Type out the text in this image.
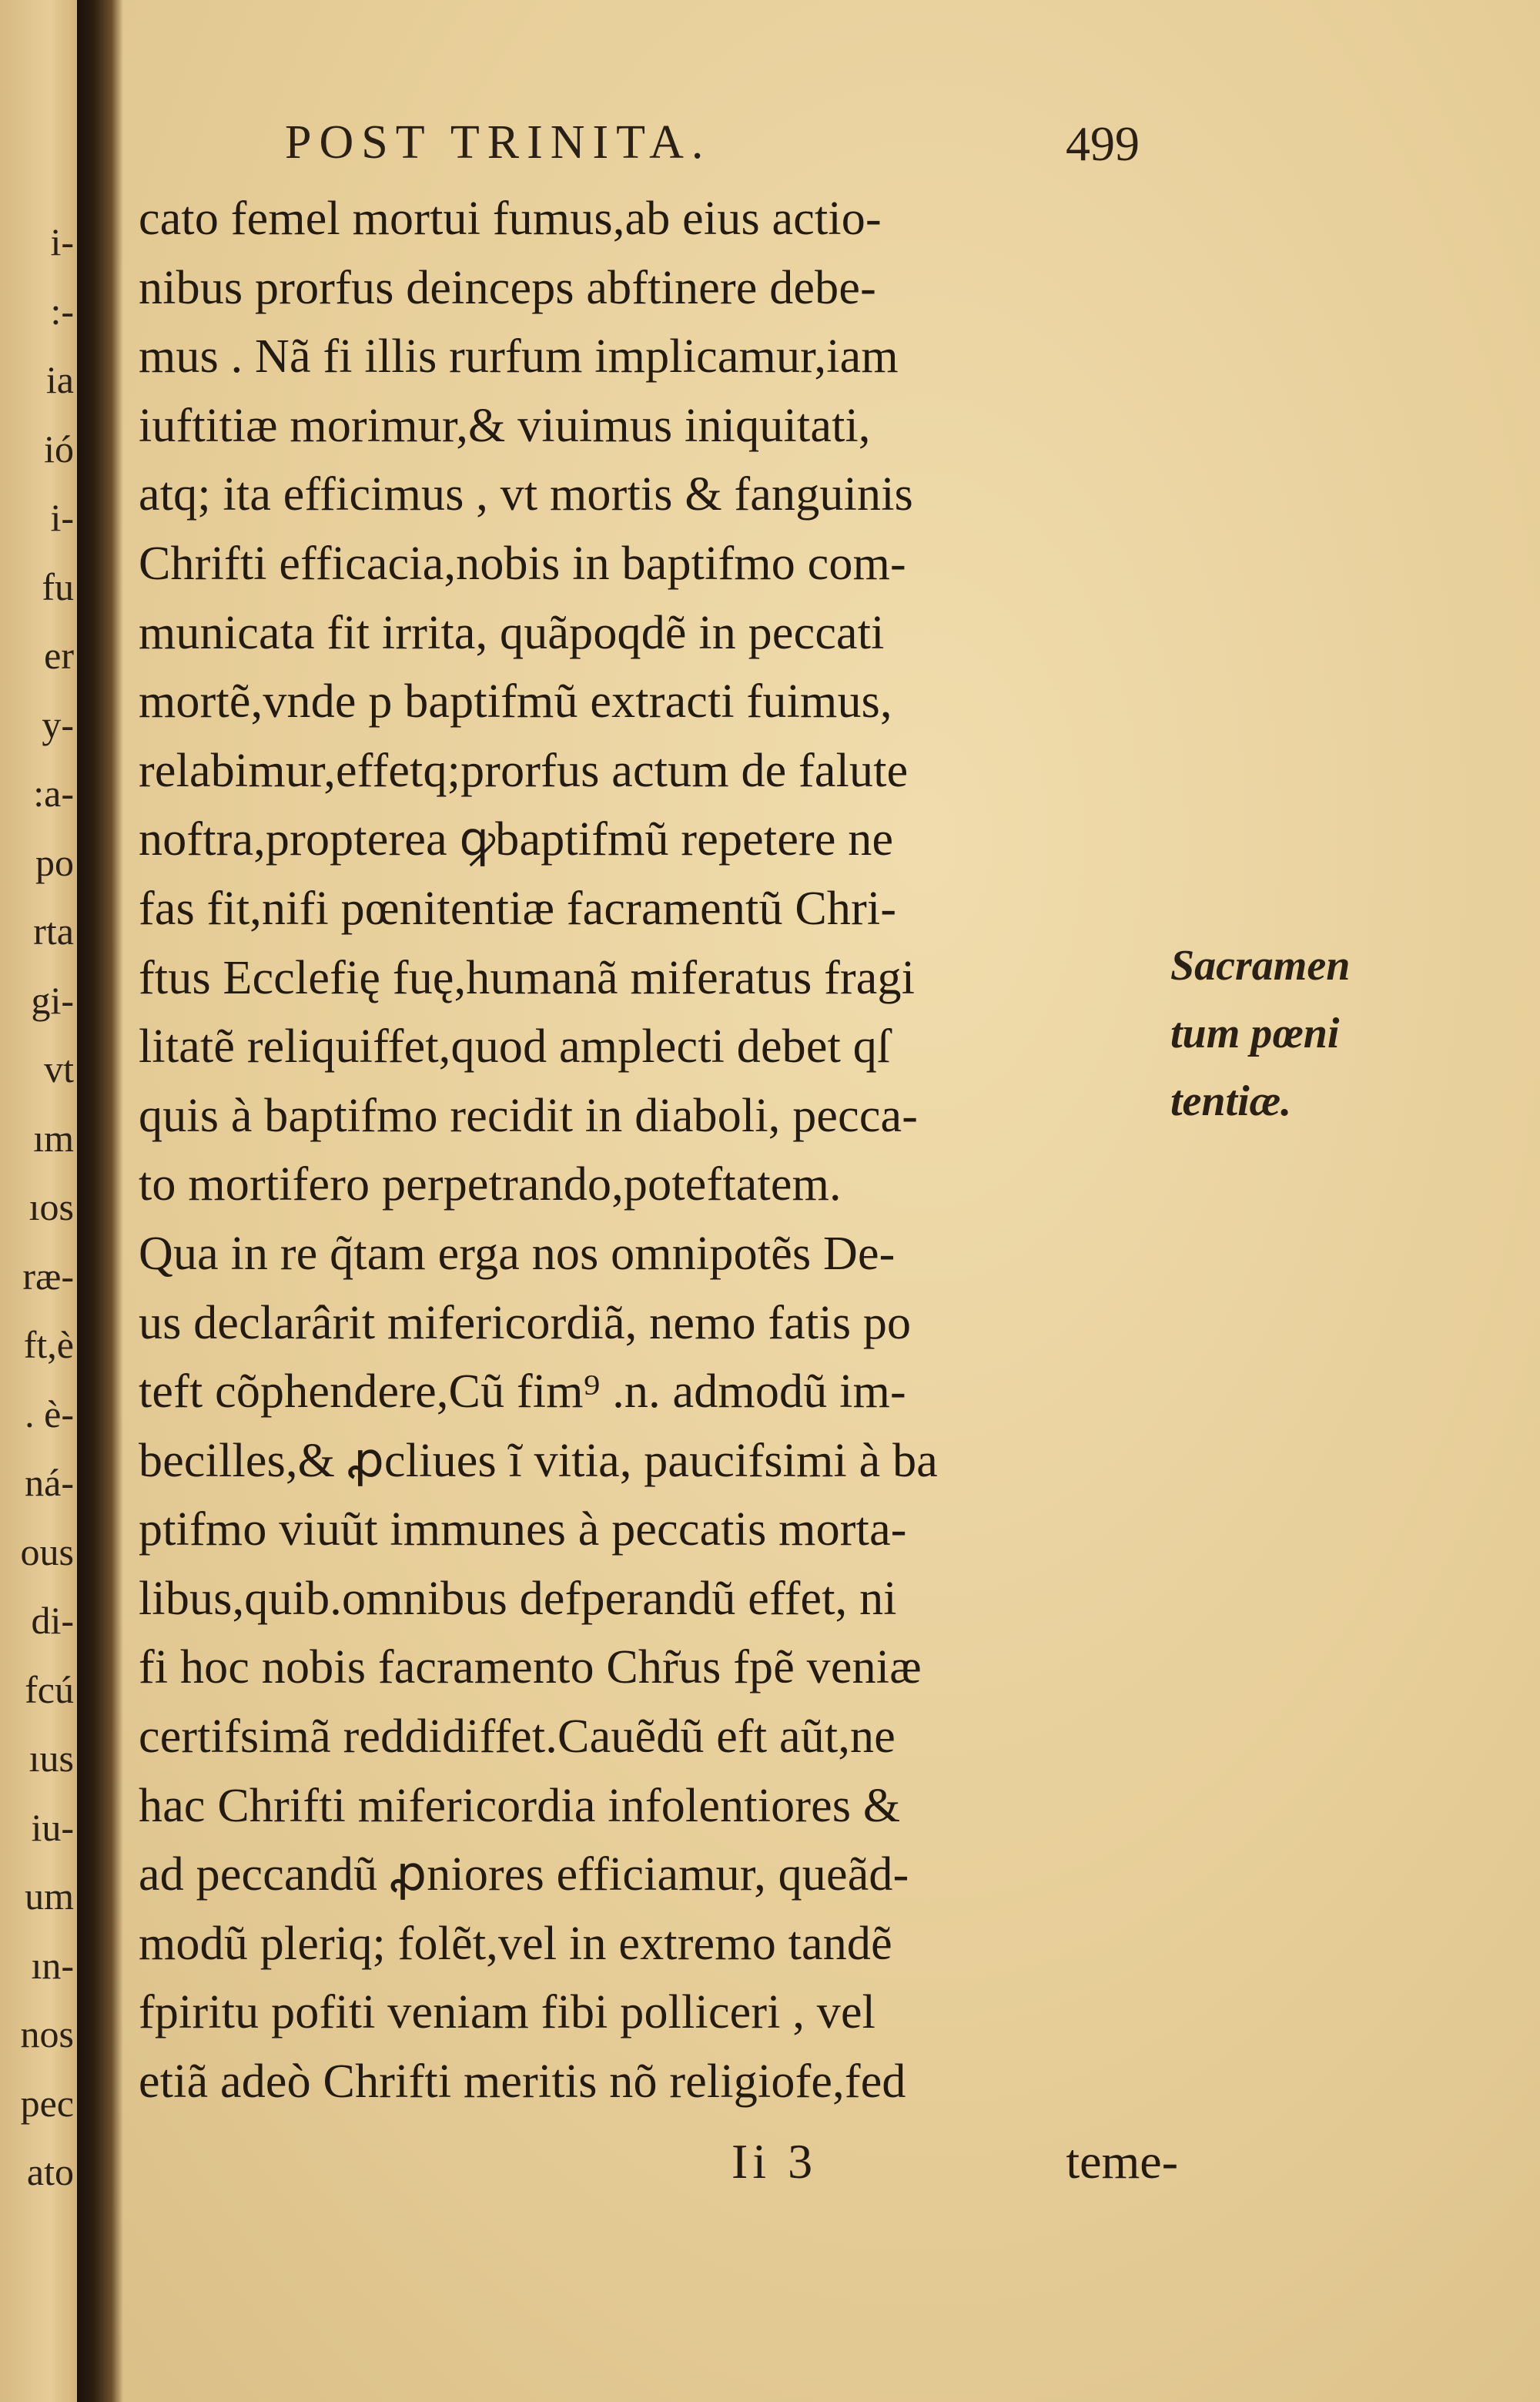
i-
:-
ia
ió
i-
fu
er
y-
:a-
po
rta
gi-
vt
ım
ıos
ræ-
ft,è
. è-
ná-
ous
di-
fcú
ıus
iu-
um
ın-
nos
pec
ato
POST TRINITA.	499
cato femel mortui fumus,ab eius actio-
nibus prorfus deinceps abftinere debe-
mus . Nã fi illis rurfum implicamur,iam
iuftitiæ morimur,& viuimus iniquitati,
atq; ita efficimus , vt mortis & fanguinis
Chrifti efficacia,nobis in baptifmo com-
municata fit irrita, quãpoqdẽ in peccati
mortẽ,vnde p baptifmũ extracti fuimus,
relabimur,effetq;prorfus actum de falute
noftra,propterea ꝙbaptifmũ repetere ne
fas fit,nifi pœnitentiæ facramentũ Chri-
ftus Ecclefię fuę,humanã miferatus fragi
litatẽ reliquiffet,quod amplecti debet qſ
quis à baptifmo recidit in diaboli, pecca-
to mortifero perpetrando,poteftatem.
Qua in re q̃tam erga nos omnipotẽs De-
us declarârit mifericordiã, nemo fatis po
teft cõphendere,Cũ fim⁹ .n. admodũ im-
becilles,& ꝓcliues ĩ vitia, paucifsimi à ba
ptifmo viuũt immunes à peccatis morta-
libus,quib.omnibus defperandũ effet, ni
fi hoc nobis facramento Chr̃us fpẽ veniæ
certifsimã reddidiffet.Cauẽdũ eft aũt,ne
hac Chrifti mifericordia infolentiores &
ad peccandũ ꝓniores efficiamur, queãd-
modũ pleriq; folẽt,vel in extremo tandẽ
fpiritu pofiti veniam fibi polliceri , vel
etiã adeò Chrifti meritis nõ religiofe,fed
Sacramen
tum pœni
tentiæ.
Ii 3	teme-
